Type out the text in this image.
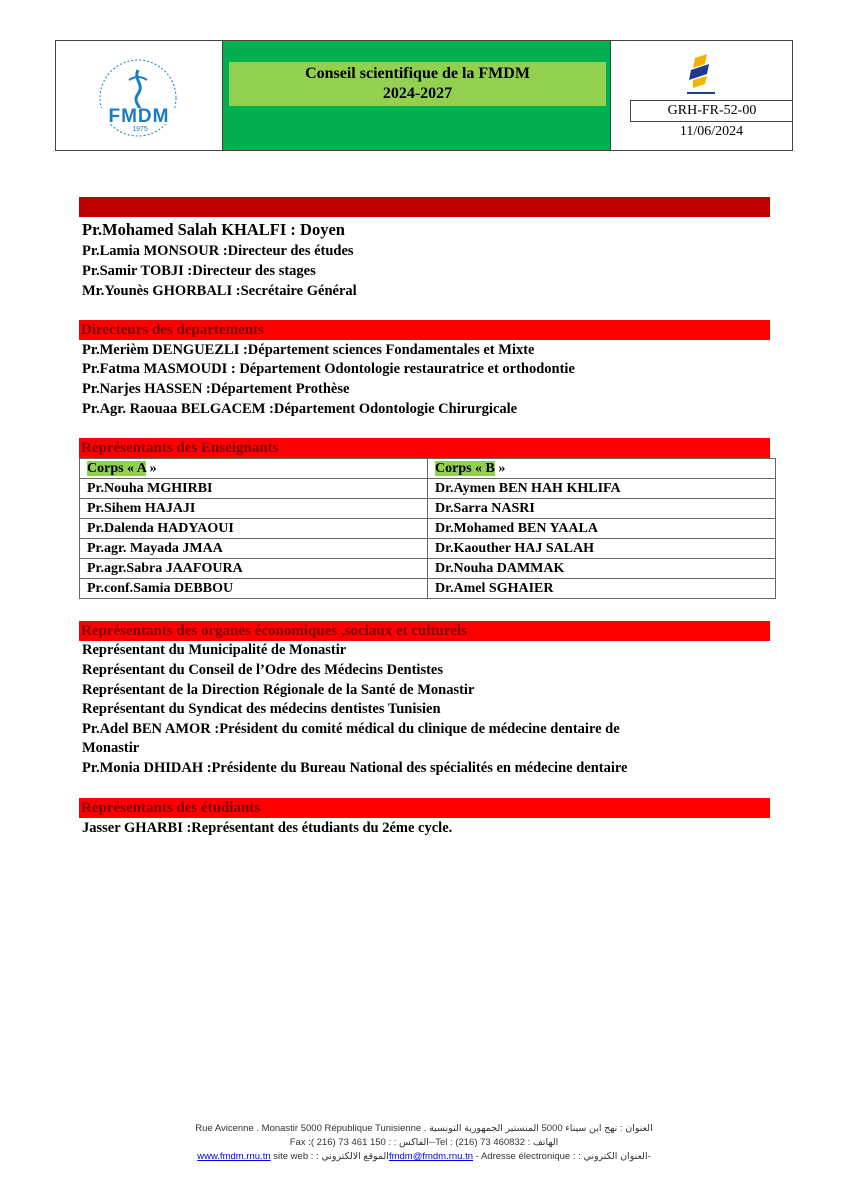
FMDM
1975
Conseil scientifique de la FMDM
2024-2027
GRH-FR-52-00
11/06/2024
Pr.Mohamed Salah KHALFI : Doyen
Pr.Lamia MONSOUR :Directeur des études
Pr.Samir TOBJI :Directeur des stages
Mr.Younès GHORBALI :Secrétaire Général
Directeurs des departements
Pr.Merièm DENGUEZLI :Département sciences Fondamentales et Mixte
Pr.Fatma MASMOUDI : Département Odontologie restauratrice et orthodontie
Pr.Narjes HASSEN :Département Prothèse
Pr.Agr. Raouaa BELGACEM :Département Odontologie Chirurgicale
Représentants des Enseignants
Corps « A »	Corps « B »
Pr.Nouha MGHIRBI	Dr.Aymen BEN HAH KHLIFA
Pr.Sihem HAJAJI	Dr.Sarra NASRI
Pr.Dalenda HADYAOUI	Dr.Mohamed BEN YAALA
Pr.agr. Mayada JMAA	Dr.Kaouther HAJ SALAH
Pr.agr.Sabra JAAFOURA	Dr.Nouha DAMMAK
Pr.conf.Samia DEBBOU	Dr.Amel SGHAIER
Représentants des organes économiques ,sociaux et culturels
Représentant du Municipalité de Monastir
Représentant du Conseil de l’Odre des Médecins Dentistes
Représentant de la Direction Régionale de la Santé de Monastir
Représentant du Syndicat des médecins dentistes Tunisien
Pr.Adel BEN AMOR :Président du comité médical du clinique de médecine dentaire de
Monastir
Pr.Monia DHIDAH :Présidente du Bureau National des spécialités en médecine dentaire
Représentants des étudiants
Jasser GHARBI :Représentant des étudiants du 2éme cycle.
Rue Avicenne . Monastir 5000 République Tunisienne . العنوان : نهج ابن سيناء 5000 المنستير الجمهورية التونسية
Fax :( 216) 73 461 150 : : الفاكس--Tel : (216) 73 460832 : الهاتف
www.fmdm.rnu.tn site web : : الموقع الالكترونيfmdm@fmdm.rnu.tn - Adresse électronique : : العنوان الكتروني-
